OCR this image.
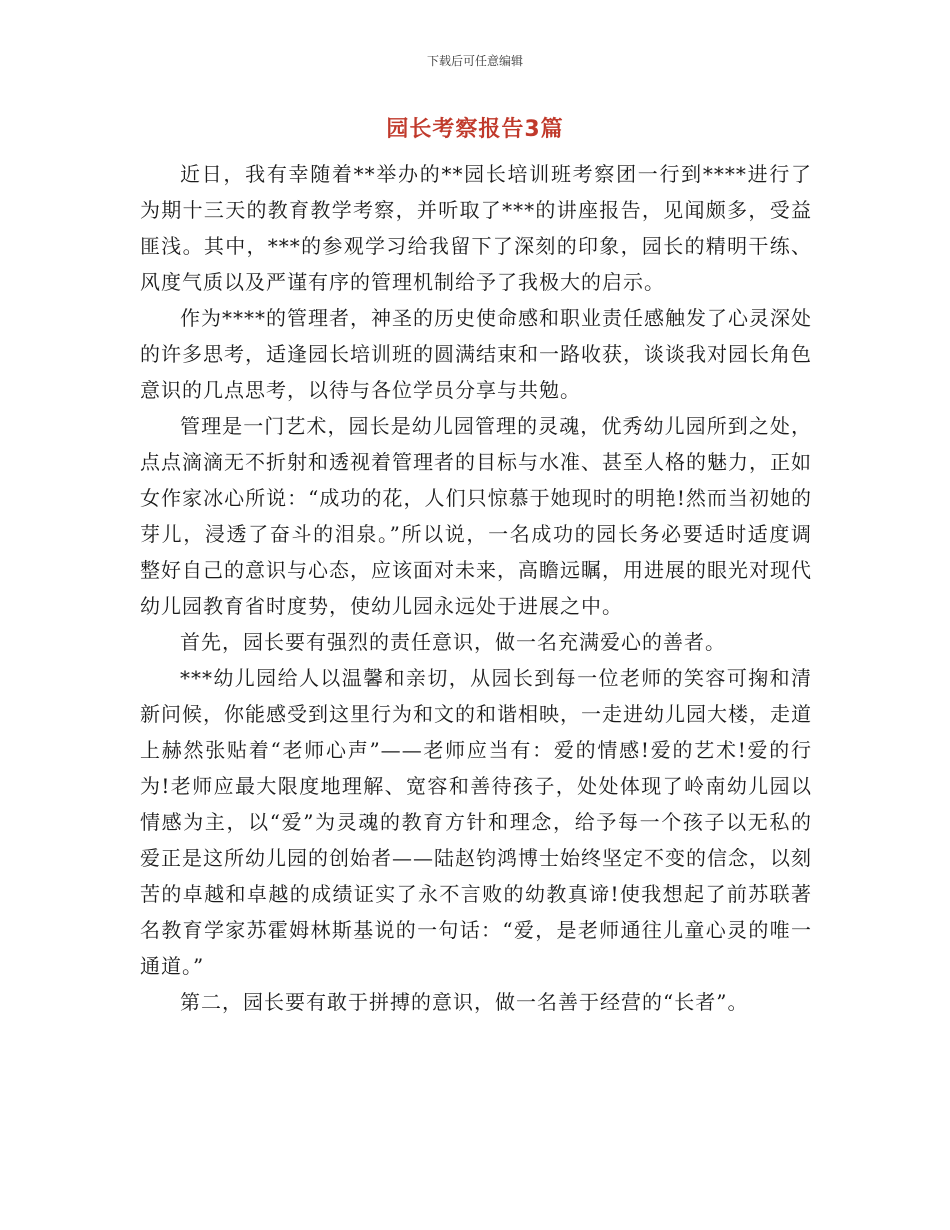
下载后可任意编辑
园长考察报告3篇

近日，我有幸随着**举办的**园长培训班考察团一行到****进行了为期十三天的教育教学考察，并听取了***的讲座报告，见闻颇多，受益匪浅。其中，***的参观学习给我留下了深刻的印象，园长的精明干练、风度气质以及严谨有序的管理机制给予了我极大的启示。

作为****的管理者，神圣的历史使命感和职业责任感触发了心灵深处的许多思考，适逢园长培训班的圆满结束和一路收获，谈谈我对园长角色意识的几点思考，以待与各位学员分享与共勉。

管理是一门艺术，园长是幼儿园管理的灵魂，优秀幼儿园所到之处，点点滴滴无不折射和透视着管理者的目标与水准、甚至人格的魅力，正如女作家冰心所说：“成功的花，人们只惊慕于她现时的明艳!然而当初她的芽儿，浸透了奋斗的泪泉。”所以说，一名成功的园长务必要适时适度调整好自己的意识与心态，应该面对未来，高瞻远瞩，用进展的眼光对现代幼儿园教育省时度势，使幼儿园永远处于进展之中。

首先，园长要有强烈的责任意识，做一名充满爱心的善者。

***幼儿园给人以温馨和亲切，从园长到每一位老师的笑容可掬和清新问候，你能感受到这里行为和文的和谐相映，一走进幼儿园大楼，走道上赫然张贴着“老师心声”——老师应当有：爱的情感!爱的艺术!爱的行为!老师应最大限度地理解、宽容和善待孩子，处处体现了岭南幼儿园以情感为主，以“爱”为灵魂的教育方针和理念，给予每一个孩子以无私的爱正是这所幼儿园的创始者——陆赵钧鸿博士始终坚定不变的信念，以刻苦的卓越和卓越的成绩证实了永不言败的幼教真谛!使我想起了前苏联著名教育学家苏霍姆林斯基说的一句话：“爱，是老师通往儿童心灵的唯一通道。”

第二，园长要有敢于拼搏的意识，做一名善于经营的“长者”。
